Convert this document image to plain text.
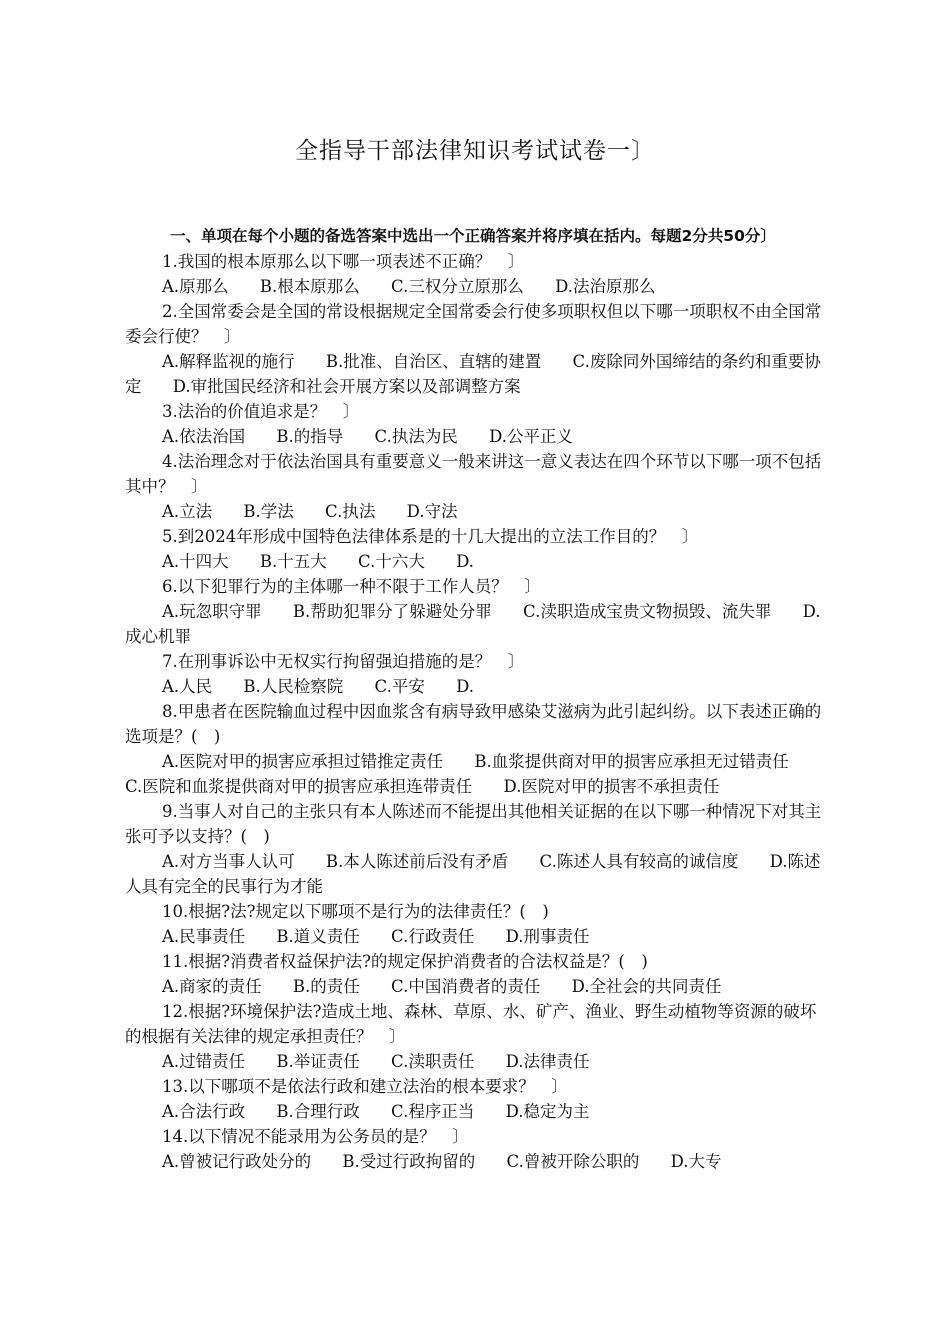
全指导干部法律知识考试试卷一〕

一、单项在每个小题的备选答案中选出一个正确答案并将序填在括内。每题2分共50分〕

1.我国的根本原那么以下哪一项表述不正确？　〕

A.原那么 B.根本原那么 C.三权分立原那么 D.法治原那么

2.全国常委会是全国的常设根据规定全国常委会行使多项职权但以下哪一项职权不由全国常委会行使？　〕

A.解释监视的施行 B.批准、自治区、直辖的建置 C.废除同外国缔结的条约和重要协定 D.审批国民经济和社会开展方案以及部调整方案

3.法治的价值追求是？　〕

A.依法治国 B.的指导 C.执法为民 D.公平正义

4.法治理念对于依法治国具有重要意义一般来讲这一意义表达在四个环节以下哪一项不包括其中？　〕

A.立法 B.学法 C.执法 D.守法

5.到2024年形成中国特色法律体系是的十几大提出的立法工作目的？　〕

A.十四大 B.十五大 C.十六大 D.

6.以下犯罪行为的主体哪一种不限于工作人员？　〕

A.玩忽职守罪 B.帮助犯罪分了躲避处分罪 C.渎职造成宝贵文物损毁、流失罪 D.成心机罪

7.在刑事诉讼中无权实行拘留强迫措施的是？　〕

A.人民 B.人民检察院 C.平安 D.

8.甲患者在医院输血过程中因血浆含有病导致甲感染艾滋病为此引起纠纷。以下表述正确的选项是？(　)

A.医院对甲的损害应承担过错推定责任 B.血浆提供商对甲的损害应承担无过错责任 C.医院和血浆提供商对甲的损害应承担连带责任 D.医院对甲的损害不承担责任

9.当事人对自己的主张只有本人陈述而不能提出其他相关证据的在以下哪一种情况下对其主张可予以支持？(　)

A.对方当事人认可 B.本人陈述前后没有矛盾 C.陈述人具有较高的诚信度 D.陈述人具有完全的民事行为才能

10.根据?法?规定以下哪项不是行为的法律责任？(　)

A.民事责任 B.道义责任 C.行政责任 D.刑事责任

11.根据?消费者权益保护法?的规定保护消费者的合法权益是？(　)

A.商家的责任 B.的责任 C.中国消费者的责任 D.全社会的共同责任

12.根据?环境保护法?造成土地、森林、草原、水、矿产、渔业、野生动植物等资源的破坏的根据有关法律的规定承担责任？　〕

A.过错责任 B.举证责任 C.渎职责任 D.法律责任

13.以下哪项不是依法行政和建立法治的根本要求？　〕

A.合法行政 B.合理行政 C.程序正当 D.稳定为主

14.以下情况不能录用为公务员的是？　〕

A.曾被记行政处分的 B.受过行政拘留的 C.曾被开除公职的 D.大专
